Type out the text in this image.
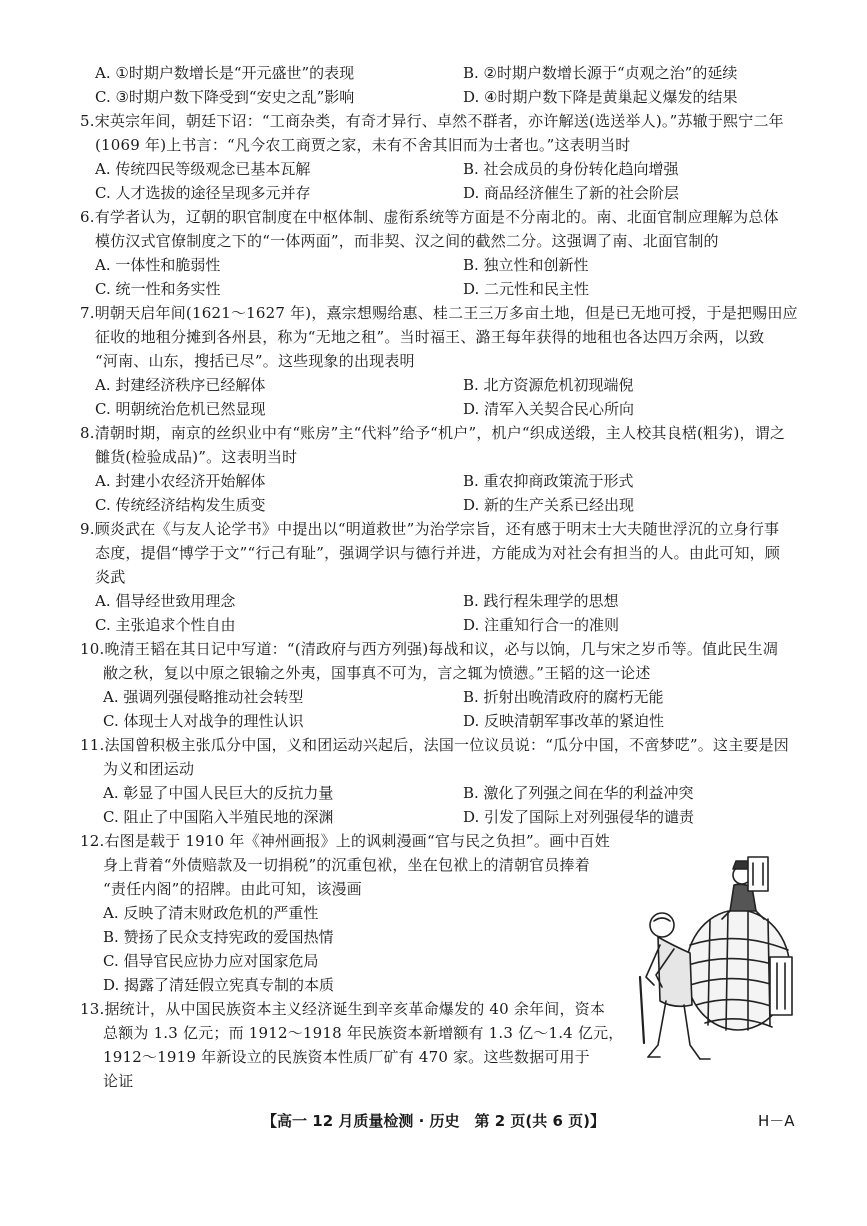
A. ①时期户数增长是“开元盛世”的表现	B. ②时期户数增长源于“贞观之治”的延续
C. ③时期户数下降受到“安史之乱”影响	D. ④时期户数下降是黄巢起义爆发的结果
5.宋英宗年间，朝廷下诏：“工商杂类，有奇才异行、卓然不群者，亦许解送(选送举人)。”苏辙于熙宁二年
(1069 年)上书言：“凡今农工商贾之家，未有不舍其旧而为士者也。”这表明当时
A. 传统四民等级观念已基本瓦解	B. 社会成员的身份转化趋向增强
C. 人才选拔的途径呈现多元并存	D. 商品经济催生了新的社会阶层
6.有学者认为，辽朝的职官制度在中枢体制、虚衔系统等方面是不分南北的。南、北面官制应理解为总体
模仿汉式官僚制度之下的“一体两面”，而非契、汉之间的截然二分。这强调了南、北面官制的
A. 一体性和脆弱性	B. 独立性和创新性
C. 统一性和务实性	D. 二元性和民主性
7.明朝天启年间(1621～1627 年)，熹宗想赐给惠、桂二王三万多亩土地，但是已无地可授，于是把赐田应
征收的地租分摊到各州县，称为“无地之租”。当时福王、潞王每年获得的地租也各达四万余两，以致
“河南、山东，搜括已尽”。这些现象的出现表明
A. 封建经济秩序已经解体	B. 北方资源危机初现端倪
C. 明朝统治危机已然显现	D. 清军入关契合民心所向
8.清朝时期，南京的丝织业中有“账房”主“代料”给予“机户”，机户“织成送缎，主人校其良楛(粗劣)，谓之
雠货(检验成品)”。这表明当时
A. 封建小农经济开始解体	B. 重农抑商政策流于形式
C. 传统经济结构发生质变	D. 新的生产关系已经出现
9.顾炎武在《与友人论学书》中提出以“明道救世”为治学宗旨，还有感于明末士大夫随世浮沉的立身行事
态度，提倡“博学于文”“行己有耻”，强调学识与德行并进，方能成为对社会有担当的人。由此可知，顾
炎武
A. 倡导经世致用理念	B. 践行程朱理学的思想
C. 主张追求个性自由	D. 注重知行合一的准则
10.晚清王韬在其日记中写道：“(清政府与西方列强)每战和议，必与以饷，几与宋之岁币等。值此民生凋
敝之秋，复以中原之银输之外夷，国事真不可为，言之辄为愤懑。”王韬的这一论述
A. 强调列强侵略推动社会转型	B. 折射出晚清政府的腐朽无能
C. 体现士人对战争的理性认识	D. 反映清朝军事改革的紧迫性
11.法国曾积极主张瓜分中国，义和团运动兴起后，法国一位议员说：“瓜分中国，不啻梦呓”。这主要是因
为义和团运动
A. 彰显了中国人民巨大的反抗力量	B. 激化了列强之间在华的利益冲突
C. 阻止了中国陷入半殖民地的深渊	D. 引发了国际上对列强侵华的谴责
12.右图是载于 1910 年《神州画报》上的讽刺漫画“官与民之负担”。画中百姓
身上背着“外债赔款及一切捐税”的沉重包袱，坐在包袱上的清朝官员捧着
“责任内阁”的招牌。由此可知，该漫画
A. 反映了清末财政危机的严重性
B. 赞扬了民众支持宪政的爱国热情
C. 倡导官民应协力应对国家危局
D. 揭露了清廷假立宪真专制的本质
13.据统计，从中国民族资本主义经济诞生到辛亥革命爆发的 40 余年间，资本
总额为 1.3 亿元；而 1912～1918 年民族资本新增额有 1.3 亿～1.4 亿元，
1912～1919 年新设立的民族资本性质厂矿有 470 家。这些数据可用于
论证
【高一 12 月质量检测 · 历史　第 2 页(共 6 页)】	H－A
